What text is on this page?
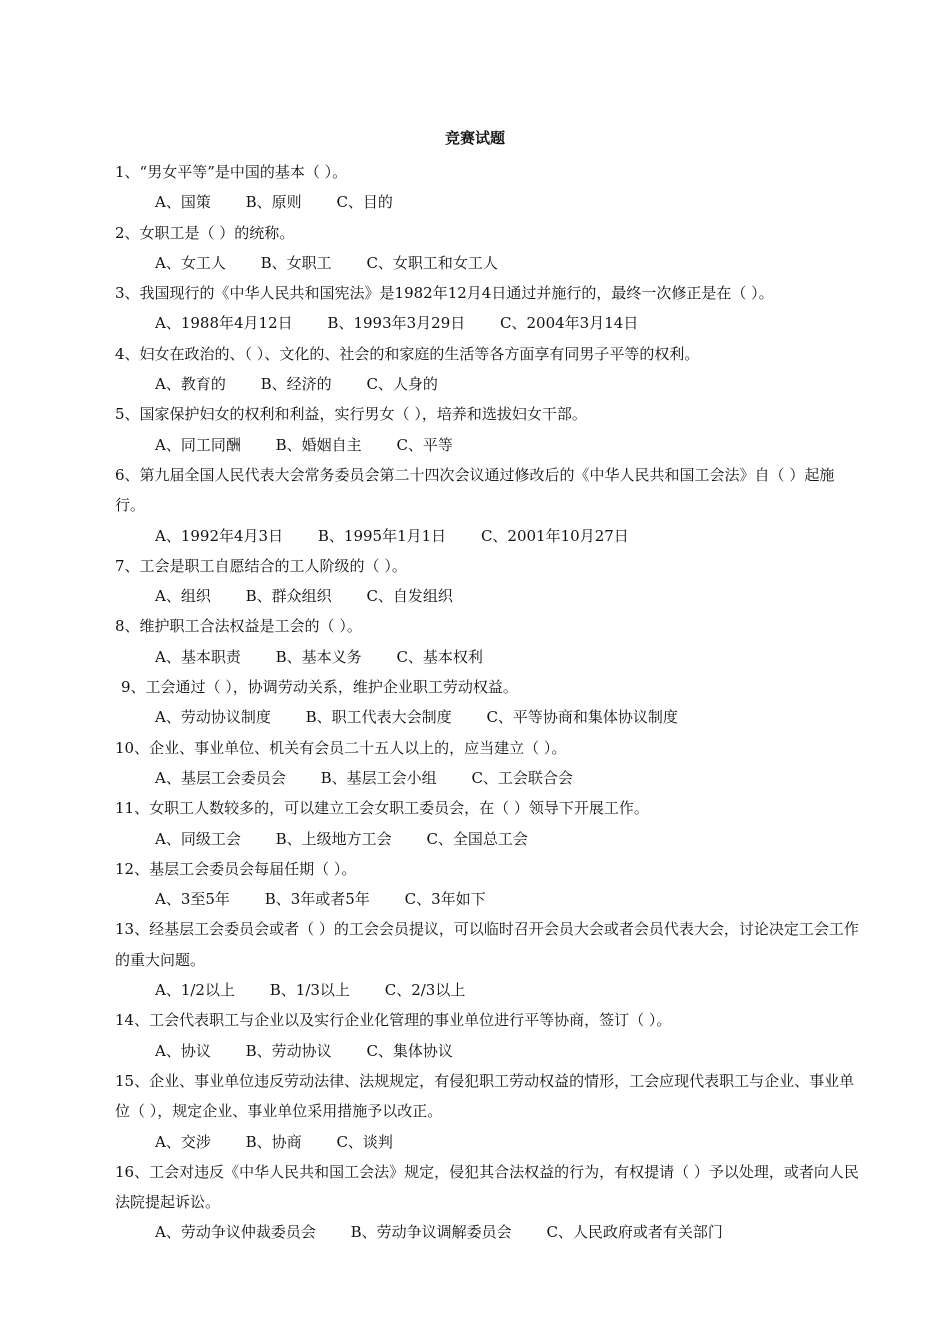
竞赛试题
1、“男女平等”是中国的基本（ ）。
A、国策 B、原则 C、目的
2、女职工是（ ）的统称。
A、女工人 B、女职工 C、女职工和女工人
3、我国现行的《中华人民共和国宪法》是1982年12月4日通过并施行的，最终一次修正是在（ ）。
A、1988年4月12日 B、1993年3月29日 C、2004年3月14日
4、妇女在政治的、（ ）、文化的、社会的和家庭的生活等各方面享有同男子平等的权利。
A、教育的 B、经济的 C、人身的
5、国家保护妇女的权利和利益，实行男女（ ），培养和选拔妇女干部。
A、同工同酬 B、婚姻自主 C、平等
6、第九届全国人民代表大会常务委员会第二十四次会议通过修改后的《中华人民共和国工会法》自（ ）起施行。
A、1992年4月3日 B、1995年1月1日 C、2001年10月27日
7、工会是职工自愿结合的工人阶级的（ ）。
A、组织 B、群众组织 C、自发组织
8、维护职工合法权益是工会的（ ）。
A、基本职责 B、基本义务 C、基本权利
9、工会通过（ ），协调劳动关系，维护企业职工劳动权益。
A、劳动协议制度 B、职工代表大会制度 C、平等协商和集体协议制度
10、企业、事业单位、机关有会员二十五人以上的，应当建立（ ）。
A、基层工会委员会 B、基层工会小组 C、工会联合会
11、女职工人数较多的，可以建立工会女职工委员会，在（ ）领导下开展工作。
A、同级工会 B、上级地方工会 C、全国总工会
12、基层工会委员会每届任期（ ）。
A、3至5年 B、3年或者5年 C、3年如下
13、经基层工会委员会或者（ ）的工会会员提议，可以临时召开会员大会或者会员代表大会，讨论决定工会工作的重大问题。
A、1/2以上 B、1/3以上 C、2/3以上
14、工会代表职工与企业以及实行企业化管理的事业单位进行平等协商，签订（ ）。
A、协议 B、劳动协议 C、集体协议
15、企业、事业单位违反劳动法律、法规规定，有侵犯职工劳动权益的情形，工会应现代表职工与企业、事业单位（ ），规定企业、事业单位采用措施予以改正。
A、交涉 B、协商 C、谈判
16、工会对违反《中华人民共和国工会法》规定，侵犯其合法权益的行为，有权提请（ ）予以处理，或者向人民法院提起诉讼。
A、劳动争议仲裁委员会 B、劳动争议调解委员会 C、人民政府或者有关部门
